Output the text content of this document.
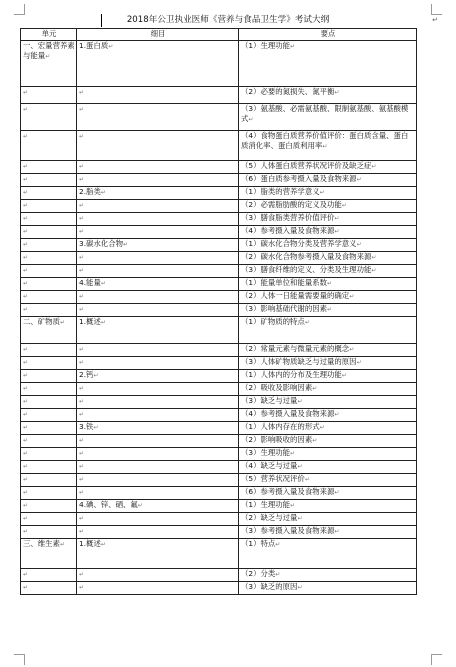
2018年公卫执业医师《营养与食品卫生学》考试大纲	↵
单元	细目	要点
一、宏量营养素与能量↵	1.蛋白质↵	（1）生理功能↵
↵	↵	（2）必要的氮损失、氮平衡↵
↵	↵	（3）氨基酸、必需氨基酸、限制氨基酸、氨基酸模式↵
↵	↵	（4）食物蛋白质营养价值评价：蛋白质含量、蛋白质消化率、蛋白质利用率↵
↵	↵	（5）人体蛋白质营养状况评价及缺乏症↵
↵	↵	（6）蛋白质参考摄入量及食物来源↵
↵	2.脂类↵	（1）脂类的营养学意义↵
↵	↵	（2）必需脂肪酸的定义及功能↵
↵	↵	（3）膳食脂类营养价值评价↵
↵	↵	（4）参考摄入量及食物来源↵
↵	3.碳水化合物↵	（1）碳水化合物分类及营养学意义↵
↵	↵	（2）碳水化合物参考摄入量及食物来源↵
↵	↵	（3）膳食纤维的定义、分类及生理功能↵
↵	4.能量↵	（1）能量单位和能量系数↵
↵	↵	（2）人体一日能量需要量的确定↵
↵	↵	（3）影响基础代谢的因素↵
二、矿物质↵	1.概述↵	（1）矿物质的特点↵
↵	↵	（2）常量元素与微量元素的概念↵
↵	↵	（3）人体矿物质缺乏与过量的原因↵
↵	2.钙↵	（1）人体内的分布及生理功能↵
↵	↵	（2）吸收及影响因素↵
↵	↵	（3）缺乏与过量↵
↵	↵	（4）参考摄入量及食物来源↵
↵	3.铁↵	（1）人体内存在的形式↵
↵	↵	（2）影响吸收的因素↵
↵	↵	（3）生理功能↵
↵	↵	（4）缺乏与过量↵
↵	↵	（5）营养状况评价↵
↵	↵	（6）参考摄入量及食物来源↵
↵	4.碘、锌、硒、氟↵	（1）生理功能↵
↵	↵	（2）缺乏与过量↵
↵	↵	（3）参考摄入量及食物来源↵
三、维生素↵	1.概述↵	（1）特点↵
↵	↵	（2）分类↵
↵	↵	（3）缺乏的原因↵
